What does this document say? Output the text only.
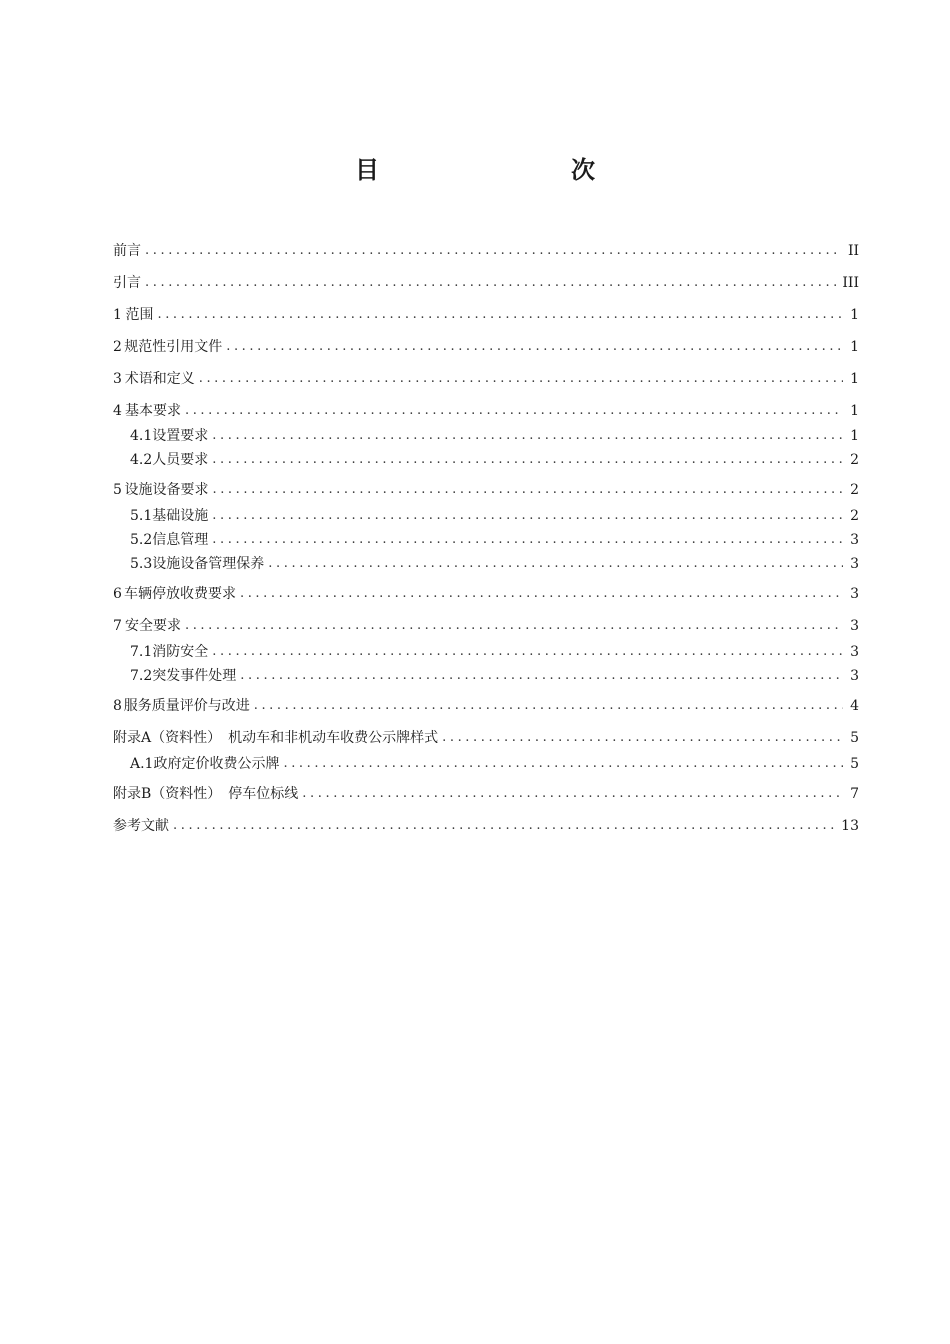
目　　次
前言 .....	II
引言 .....	III
1 范围 .....	1
2 规范性引用文件 .....	1
3 术语和定义 .....	1
4 基本要求 .....	1
4.1 设置要求 .....	1
4.2 人员要求 .....	2
5 设施设备要求 .....	2
5.1 基础设施 .....	2
5.2 信息管理 .....	3
5.3 设施设备管理保养 .....	3
6 车辆停放收费要求 .....	3
7 安全要求 .....	3
7.1 消防安全 .....	3
7.2 突发事件处理 .....	3
8 服务质量评价与改进 .....	4
附录A（资料性）　机动车和非机动车收费公示牌样式 .....	5
A.1 政府定价收费公示牌 .....	5
附录B（资料性）　停车位标线 .....	7
参考文献 .....	13
